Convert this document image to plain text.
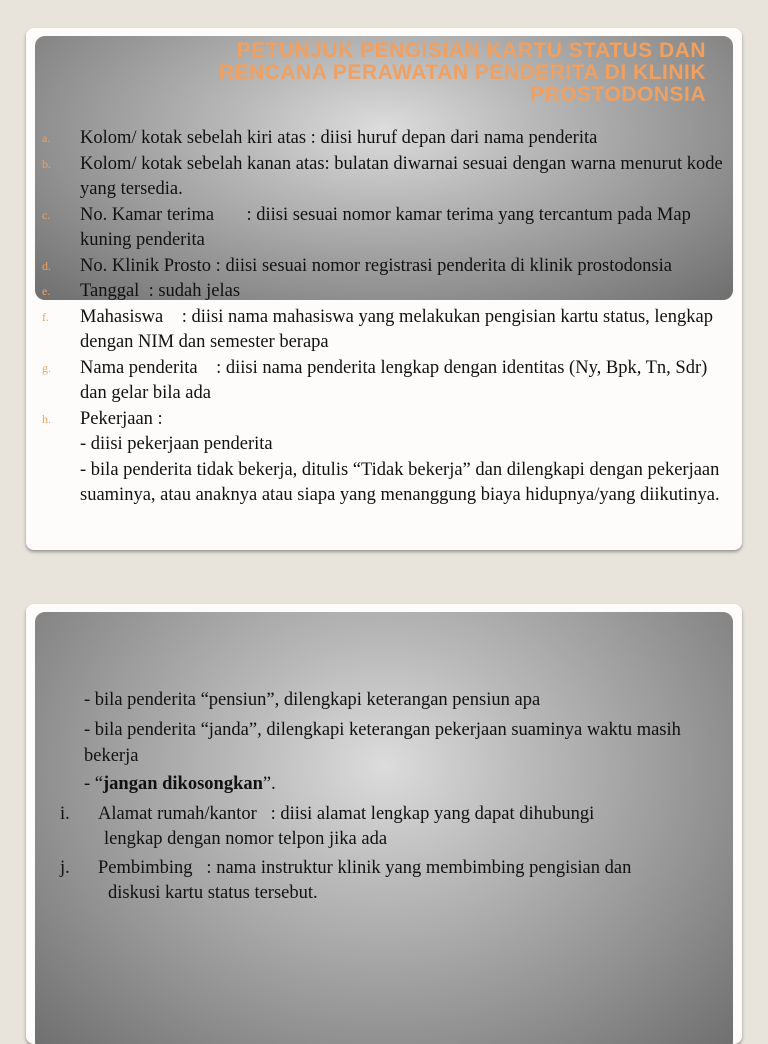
PETUNJUK PENGISIAN KARTU STATUS DAN
RENCANA PERAWATAN PENDERITA DI KLINIK
PROSTODONSIA
a. Kolom/ kotak sebelah kiri atas : diisi huruf depan dari nama penderita
b. Kolom/ kotak sebelah kanan atas: bulatan diwarnai sesuai dengan warna menurut kode yang tersedia.
c. No. Kamar terima       : diisi sesuai nomor kamar terima yang tercantum pada Map kuning penderita
d. No. Klinik Prosto : diisi sesuai nomor registrasi penderita di klinik prostodonsia
e. Tanggal  : sudah jelas
f. Mahasiswa    : diisi nama mahasiswa yang melakukan pengisian kartu status, lengkap dengan NIM dan semester berapa
g. Nama penderita    : diisi nama penderita lengkap dengan identitas (Ny, Bpk, Tn, Sdr) dan gelar bila ada
h. Pekerjaan :
- diisi pekerjaan penderita
- bila penderita tidak bekerja, ditulis “Tidak bekerja” dan dilengkapi dengan pekerjaan suaminya, atau anaknya atau siapa yang menanggung biaya hidupnya/yang diikutinya.
- bila penderita “pensiun”, dilengkapi keterangan pensiun apa
- bila penderita “janda”, dilengkapi keterangan pekerjaan suaminya waktu masih bekerja
- “jangan dikosongkan”.
i. Alamat rumah/kantor   : diisi alamat lengkap yang dapat dihubungi
lengkap dengan nomor telpon jika ada
j. Pembimbing   : nama instruktur klinik yang membimbing pengisian dan
diskusi kartu status tersebut.
